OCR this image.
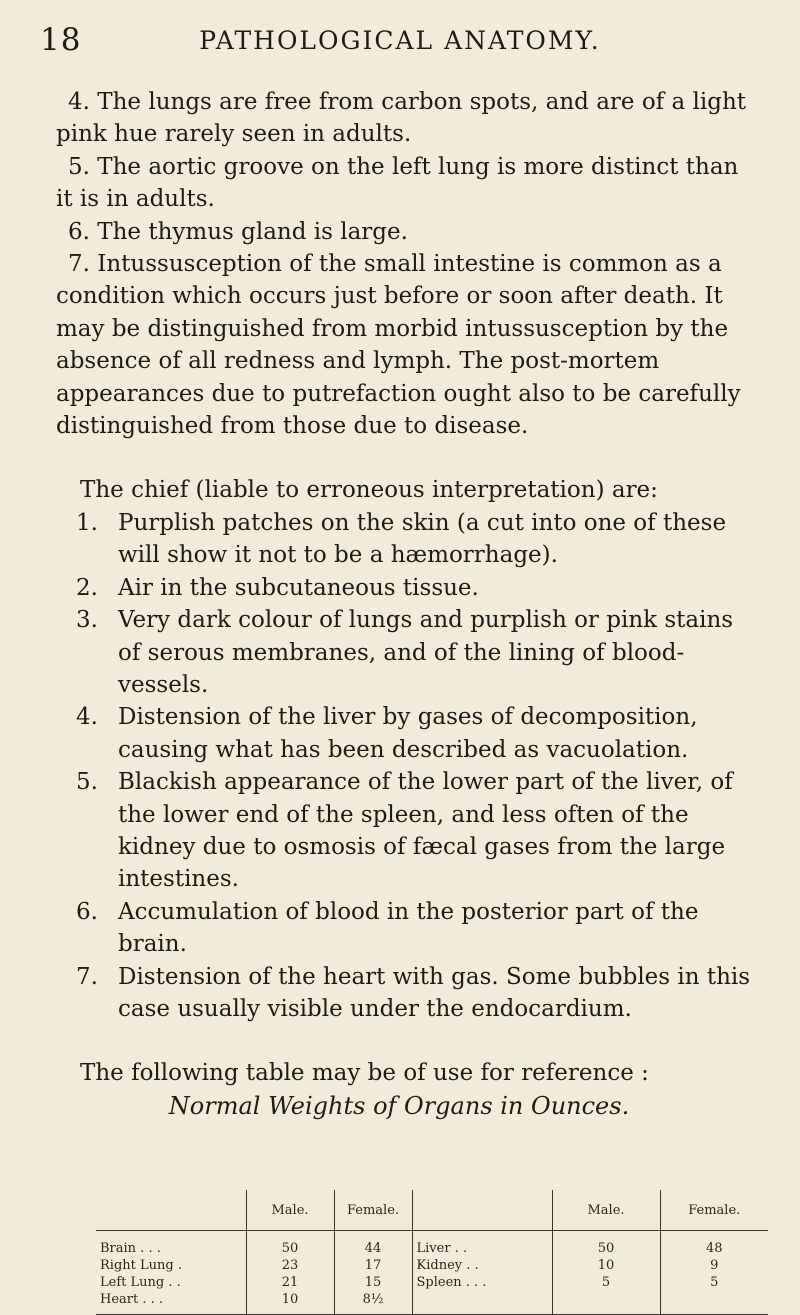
18	PATHOLOGICAL ANATOMY.
4. The lungs are free from carbon spots, and are of a light pink hue rarely seen in adults.
5. The aortic groove on the left lung is more distinct than it is in adults.
6. The thymus gland is large.
7. Intussusception of the small intestine is common as a condition which occurs just before or soon after death. It may be distinguished from morbid intussusception by the absence of all redness and lymph. The post-mortem appearances due to putrefaction ought also to be carefully distinguished from those due to disease.

The chief (liable to erroneous interpretation) are:

1. Purplish patches on the skin (a cut into one of these will show it not to be a hæmorrhage).
2. Air in the subcutaneous tissue.
3. Very dark colour of lungs and purplish or pink stains of serous membranes, and of the lining of blood-vessels.
4. Distension of the liver by gases of decomposition, causing what has been described as vacuolation.
5. Blackish appearance of the lower part of the liver, of the lower end of the spleen, and less often of the kidney due to osmosis of fæcal gases from the large intestines.
6. Accumulation of blood in the posterior part of the brain.
7. Distension of the heart with gas. Some bubbles in this case usually visible under the endocardium.

The following table may be of use for reference :

Normal Weights of Organs in Ounces.

	Male.	Female.		Male.	Female.
Brain . . .	50	44	Liver . .	50	48
Right Lung .	23	17	Kidney . .	10	9
Left Lung . .	21	15	Spleen . . .	5	5
Heart . . .	10	8½			
